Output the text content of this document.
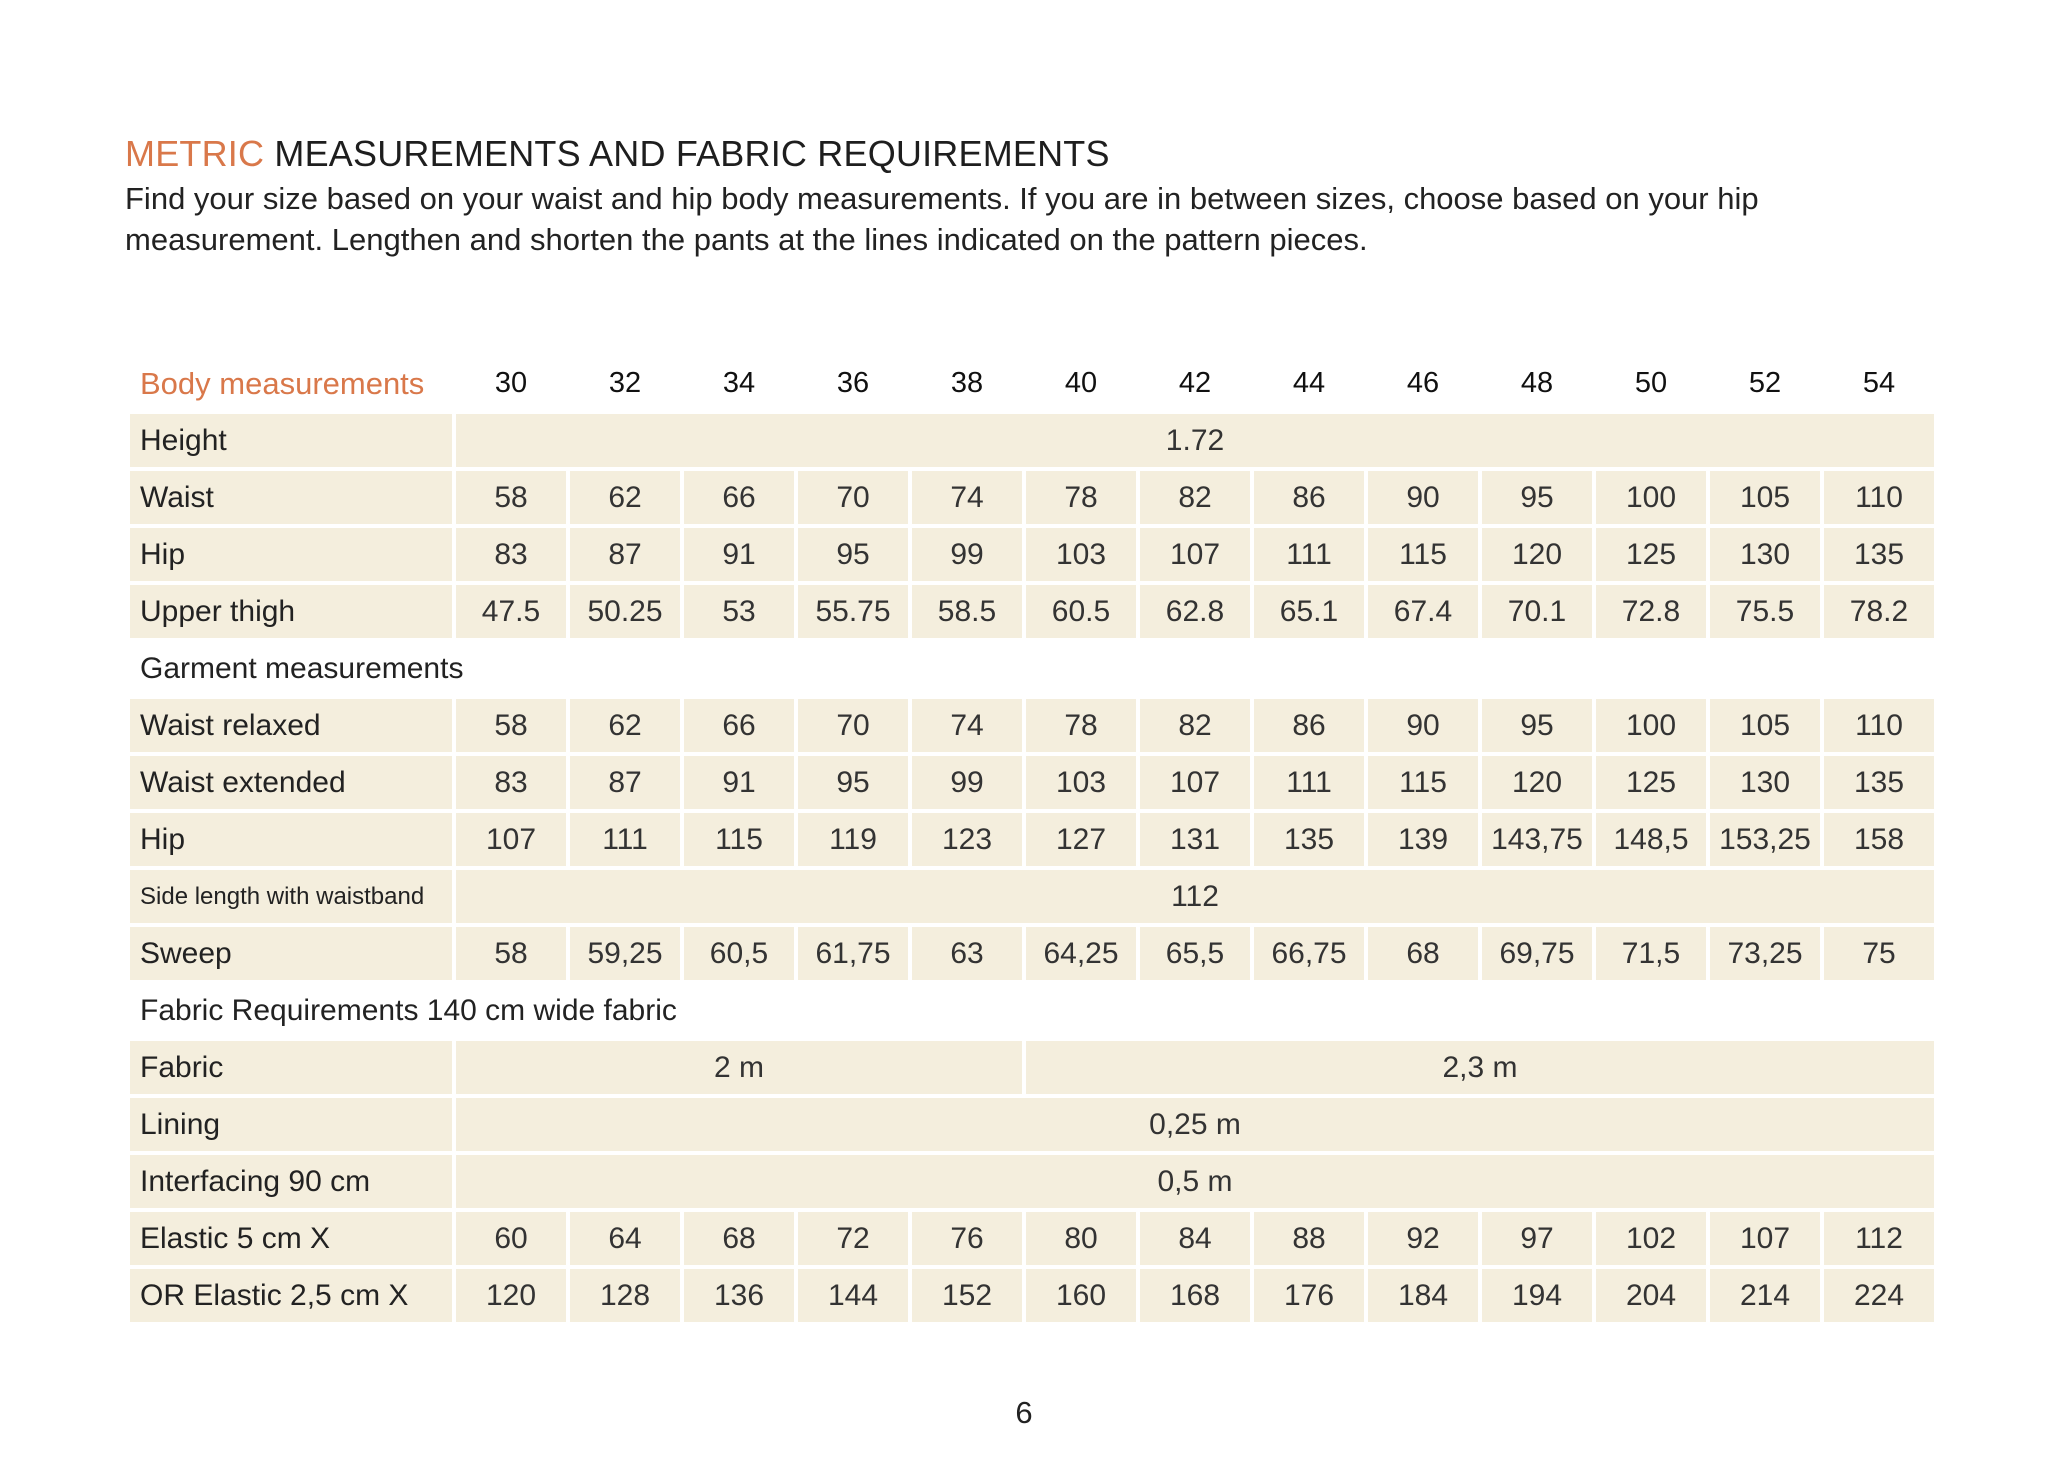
METRIC MEASUREMENTS AND FABRIC REQUIREMENTS

Find your size based on your waist and hip body measurements. If you are in between sizes, choose based on your hip measurement. Lengthen and shorten the pants at the lines indicated on the pattern pieces.

Body measurements	30	32	34	36	38	40	42	44	46	48	50	52	54
Height	1.72												
Waist	58	62	66	70	74	78	82	86	90	95	100	105	110
Hip	83	87	91	95	99	103	107	111	115	120	125	130	135
Upper thigh	47.5	50.25	53	55.75	58.5	60.5	62.8	65.1	67.4	70.1	72.8	75.5	78.2
Garment measurements													
Waist relaxed	58	62	66	70	74	78	82	86	90	95	100	105	110
Waist extended	83	87	91	95	99	103	107	111	115	120	125	130	135
Hip	107	111	115	119	123	127	131	135	139	143,75	148,5	153,25	158
Side length with waistband	112												
Sweep	58	59,25	60,5	61,75	63	64,25	65,5	66,75	68	69,75	71,5	73,25	75
Fabric Requirements 140 cm wide fabric													
Fabric	2 m					2,3 m							
Lining	0,25 m												
Interfacing 90 cm	0,5 m												
Elastic 5 cm X	60	64	68	72	76	80	84	88	92	97	102	107	112
OR Elastic 2,5 cm X	120	128	136	144	152	160	168	176	184	194	204	214	224

6
